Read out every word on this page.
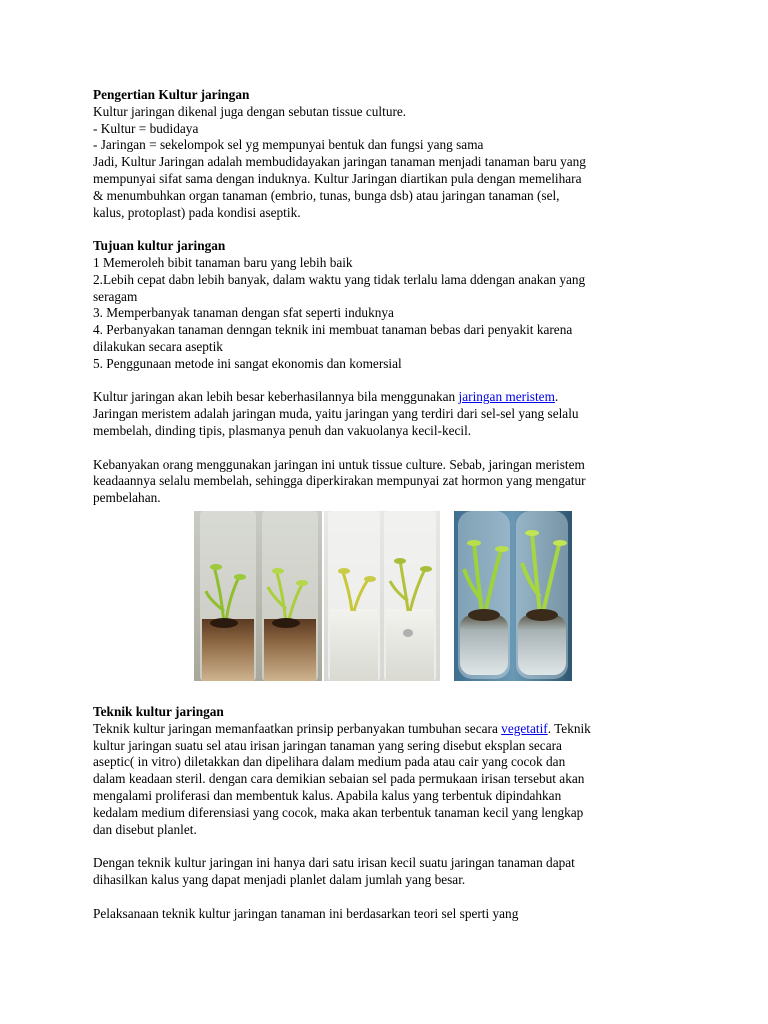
Pengertian Kultur jaringan
Kultur jaringan dikenal juga dengan sebutan tissue culture.
- Kultur = budidaya
- Jaringan = sekelompok sel yg mempunyai bentuk dan fungsi yang sama
Jadi, Kultur Jaringan adalah membudidayakan jaringan tanaman menjadi tanaman baru yang
mempunyai sifat sama dengan induknya. Kultur Jaringan diartikan pula dengan memelihara
& menumbuhkan organ tanaman (embrio, tunas, bunga dsb) atau jaringan tanaman (sel,
kalus, protoplast) pada kondisi aseptik.
Tujuan kultur jaringan
1 Memeroleh bibit tanaman baru yang lebih baik
2.Lebih cepat dabn lebih banyak, dalam waktu yang tidak terlalu lama ddengan anakan yang
seragam
3. Memperbanyak tanaman dengan sfat seperti induknya
4. Perbanyakan tanaman denngan teknik ini membuat tanaman bebas dari penyakit karena
dilakukan secara aseptik
5. Penggunaan metode ini sangat ekonomis dan komersial
Kultur jaringan akan lebih besar keberhasilannya bila menggunakan jaringan meristem.
Jaringan meristem adalah jaringan muda, yaitu jaringan yang terdiri dari sel-sel yang selalu
membelah, dinding tipis, plasmanya penuh dan vakuolanya kecil-kecil.
Kebanyakan orang menggunakan jaringan ini untuk tissue culture. Sebab, jaringan meristem
keadaannya selalu membelah, sehingga diperkirakan mempunyai zat hormon yang mengatur
pembelahan.
Teknik kultur jaringan
Teknik kultur jaringan memanfaatkan prinsip perbanyakan tumbuhan secara vegetatif. Teknik
kultur jaringan suatu sel atau irisan jaringan tanaman yang sering disebut eksplan secara
aseptic( in vitro) diletakkan dan dipelihara dalam medium pada atau cair yang cocok dan
dalam keadaan steril. dengan cara demikian sebaian sel pada permukaan irisan tersebut akan
mengalami proliferasi dan membentuk kalus. Apabila kalus yang terbentuk dipindahkan
kedalam medium diferensiasi yang cocok, maka akan terbentuk tanaman kecil yang lengkap
dan disebut planlet.
Dengan teknik kultur jaringan ini hanya dari satu irisan kecil suatu jaringan tanaman dapat
dihasilkan kalus yang dapat menjadi planlet dalam jumlah yang besar.
Pelaksanaan teknik kultur jaringan tanaman ini berdasarkan teori sel sperti yang
